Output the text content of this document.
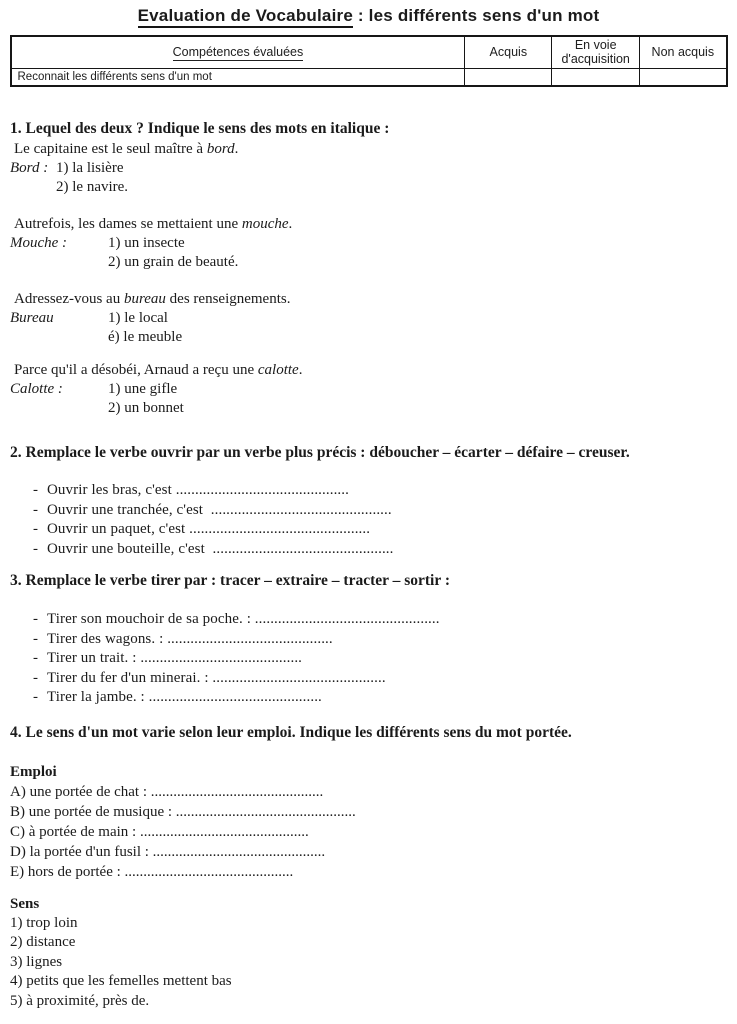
Evaluation de Vocabulaire : les différents sens d'un mot
Compétences évaluées	Acquis	En voie d'acquisition	Non acquis
Reconnait les différents sens d'un mot			
1. Lequel des deux ? Indique le sens des mots en italique :
Le capitaine est le seul maître à bord.
Bord : 1) la lisière
2) le navire.
Autrefois, les dames se mettaient une mouche.
Mouche :	1) un insecte
2) un grain de beauté.
Adressez-vous au bureau des renseignements.
Bureau	1) le local
é) le meuble
Parce qu'il a désobéi, Arnaud a reçu une calotte.
Calotte :	1) une gifle
2) un bonnet
2. Remplace le verbe ouvrir par un verbe plus précis : déboucher – écarter – défaire – creuser.
- Ouvrir les bras, c'est .............................................
- Ouvrir une tranchée, c'est  ...............................................
- Ouvrir un paquet, c'est ...............................................
- Ouvrir une bouteille, c'est  ...............................................
3. Remplace le verbe tirer par : tracer – extraire – tracter – sortir :
- Tirer son mouchoir de sa poche. : ................................................
- Tirer des wagons. : ...........................................
- Tirer un trait. : ..........................................
- Tirer du fer d'un minerai. : .............................................
- Tirer la jambe. : .............................................
4. Le sens d'un mot varie selon leur emploi. Indique les différents sens du mot portée.
Emploi
A) une portée de chat : ..............................................
B) une portée de musique : ................................................
C) à portée de main : .............................................
D) la portée d'un fusil : ..............................................
E) hors de portée : .............................................
Sens
1) trop loin
2) distance
3) lignes
4) petits que les femelles mettent bas
5) à proximité, près de.
